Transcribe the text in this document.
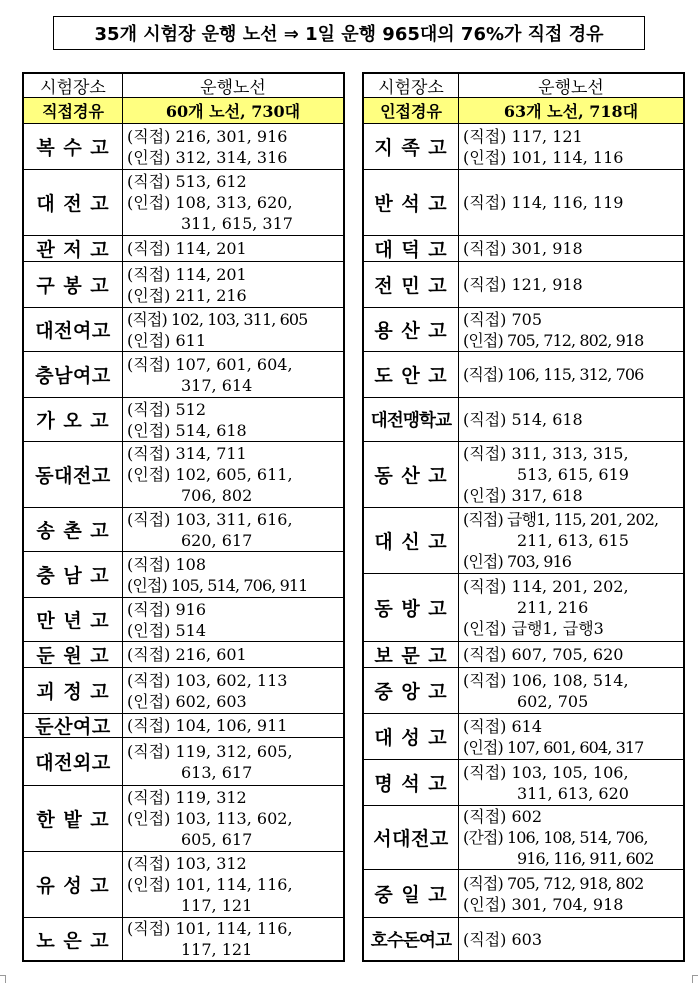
35개 시험장 운행 노선 ⇒ 1일 운행 965대의 76%가 직접 경유
시험장소	운행노선
직접경유	60개 노선, 730대
복 수 고
(직접) 216, 301, 916
(인접) 312, 314, 316
대 전 고
(직접) 513, 612
(인접) 108, 313, 620,
311, 615, 317
관 저 고	(직접) 114, 201
구 봉 고
(직접) 114, 201
(인접) 211, 216
대전여고
(직접) 102, 103, 311, 605
(인접) 611
충남여고
(직접) 107, 601, 604,
317, 614
가 오 고
(직접) 512
(인접) 514, 618
동대전고
(직접) 314, 711
(인접) 102, 605, 611,
706, 802
송 촌 고
(직접) 103, 311, 616,
620, 617
충 남 고
(직접) 108
(인접) 105, 514, 706, 911
만 년 고
(직접) 916
(인접) 514
둔 원 고	(직접) 216, 601
괴 정 고
(직접) 103, 602, 113
(인접) 602, 603
둔산여고	(직접) 104, 106, 911
대전외고
(직접) 119, 312, 605,
613, 617
한 밭 고
(직접) 119, 312
(인접) 103, 113, 602,
605, 617
유 성 고
(직접) 103, 312
(인접) 101, 114, 116,
117, 121
노 은 고
(직접) 101, 114, 116,
117, 121
시험장소	운행노선
인접경유	63개 노선, 718대
지 족 고
(직접) 117, 121
(인접) 101, 114, 116
반 석 고 (직접) 114, 116, 119
대 덕 고 (직접) 301, 918
전 민 고 (직접) 121, 918
용 산 고
(직접) 705
(인접) 705, 712, 802, 918
도 안 고 (직접) 106, 115, 312, 706
대전맹학교 (직접) 514, 618
동 산 고
(직접) 311, 313, 315,
513, 615, 619
(인접) 317, 618
대 신 고
(직접) 급행1, 115, 201, 202,
211, 613, 615
(인접) 703, 916
동 방 고
(직접) 114, 201, 202,
211, 216
(인접) 급행1, 급행3
보 문 고 (직접) 607, 705, 620
중 앙 고
(직접) 106, 108, 514,
602, 705
대 성 고
(직접) 614
(인접) 107, 601, 604, 317
명 석 고
(직접) 103, 105, 106,
311, 613, 620
서대전고
(직접) 602
(간접) 106, 108, 514, 706,
916, 116, 911, 602
중 일 고
(직접) 705, 712, 918, 802
(인접) 301, 704, 918
호수돈여고 (직접) 603
